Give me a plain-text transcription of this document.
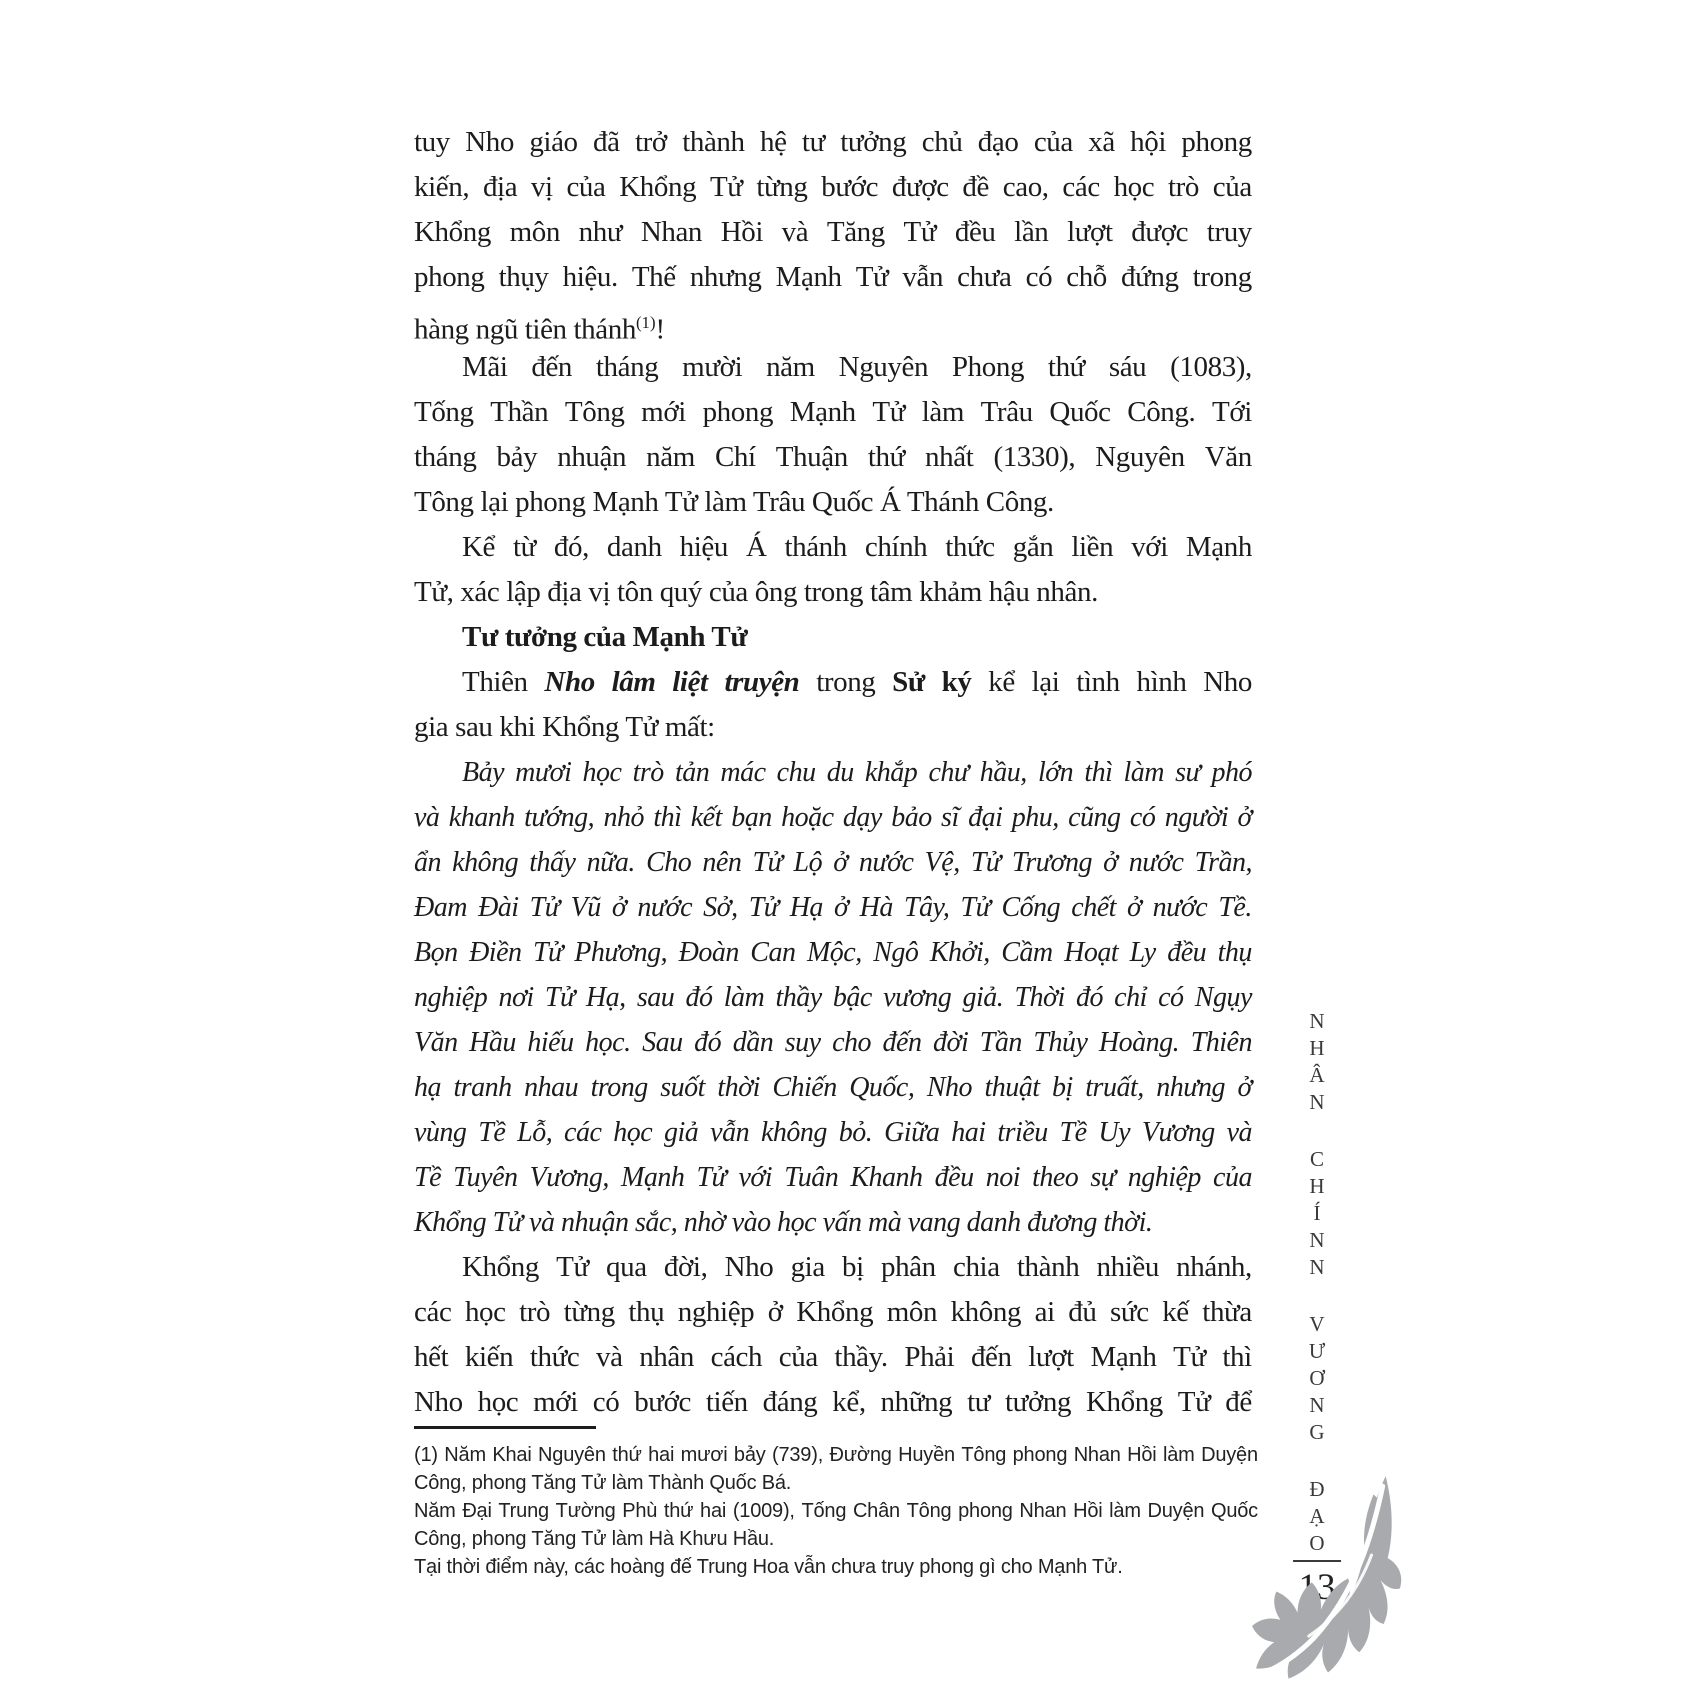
tuy Nho giáo đã trở thành hệ tư tưởng chủ đạo của xã hội phong
kiến, địa vị của Khổng Tử từng bước được đề cao, các học trò của
Khổng môn như Nhan Hồi và Tăng Tử đều lần lượt được truy
phong thụy hiệu. Thế nhưng Mạnh Tử vẫn chưa có chỗ đứng trong
hàng ngũ tiên thánh$^{(1)}$!
Mãi đến tháng mười năm Nguyên Phong thứ sáu (1083),
Tống Thần Tông mới phong Mạnh Tử làm Trâu Quốc Công. Tới
tháng bảy nhuận năm Chí Thuận thứ nhất (1330), Nguyên Văn
Tông lại phong Mạnh Tử làm Trâu Quốc Á Thánh Công.
Kể từ đó, danh hiệu Á thánh chính thức gắn liền với Mạnh
Tử, xác lập địa vị tôn quý của ông trong tâm khảm hậu nhân.
Tư tưởng của Mạnh Tử
Thiên Nho lâm liệt truyện trong Sử ký kể lại tình hình Nho
gia sau khi Khổng Tử mất:
Bảy mươi học trò tản mác chu du khắp chư hầu, lớn thì làm sư phó
và khanh tướng, nhỏ thì kết bạn hoặc dạy bảo sĩ đại phu, cũng có người ở
ẩn không thấy nữa. Cho nên Tử Lộ ở nước Vệ, Tử Trương ở nước Trần,
Đam Đài Tử Vũ ở nước Sở, Tử Hạ ở Hà Tây, Tử Cống chết ở nước Tề.
Bọn Điền Tử Phương, Đoàn Can Mộc, Ngô Khởi, Cầm Hoạt Ly đều thụ
nghiệp nơi Tử Hạ, sau đó làm thầy bậc vương giả. Thời đó chỉ có Ngụy
Văn Hầu hiếu học. Sau đó dần suy cho đến đời Tần Thủy Hoàng. Thiên
hạ tranh nhau trong suốt thời Chiến Quốc, Nho thuật bị truất, nhưng ở
vùng Tề Lỗ, các học giả vẫn không bỏ. Giữa hai triều Tề Uy Vương và
Tề Tuyên Vương, Mạnh Tử với Tuân Khanh đều noi theo sự nghiệp của
Khổng Tử và nhuận sắc, nhờ vào học vấn mà vang danh đương thời.
Khổng Tử qua đời, Nho gia bị phân chia thành nhiều nhánh,
các học trò từng thụ nghiệp ở Khổng môn không ai đủ sức kế thừa
hết kiến thức và nhân cách của thầy. Phải đến lượt Mạnh Tử thì
Nho học mới có bước tiến đáng kể, những tư tưởng Khổng Tử để
(1) Năm Khai Nguyên thứ hai mươi bảy (739), Đường Huyền Tông phong Nhan Hồi làm Duyện
Công, phong Tăng Tử làm Thành Quốc Bá.
Năm Đại Trung Tường Phù thứ hai (1009), Tống Chân Tông phong Nhan Hồi làm Duyện Quốc
Công, phong Tăng Tử làm Hà Khưu Hầu.
Tại thời điểm này, các hoàng đế Trung Hoa vẫn chưa truy phong gì cho Mạnh Tử.
N
H
Â
N
C
H
Í
N
N
V
Ư
Ơ
N
G
Đ
Ạ
O
13
